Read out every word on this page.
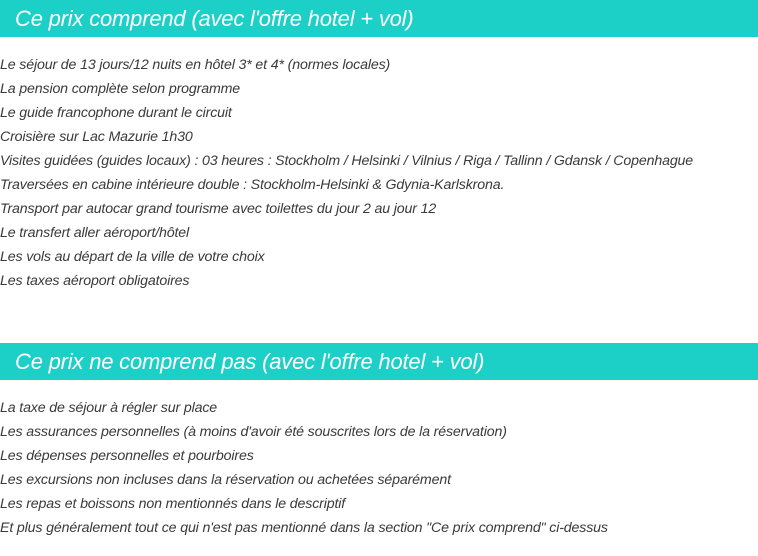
Ce prix comprend (avec l'offre hotel + vol)
Le séjour de 13 jours/12 nuits en hôtel 3* et 4* (normes locales)
La pension complète selon programme
Le guide francophone durant le circuit
Croisière sur Lac Mazurie 1h30
Visites guidées (guides locaux) : 03 heures : Stockholm / Helsinki / Vilnius / Riga / Tallinn / Gdansk / Copenhague
Traversées en cabine intérieure double : Stockholm-Helsinki & Gdynia-Karlskrona.
Transport par autocar grand tourisme avec toilettes du jour 2 au jour 12
Le transfert aller aéroport/hôtel
Les vols au départ de la ville de votre choix
Les taxes aéroport obligatoires
Ce prix ne comprend pas (avec l'offre hotel + vol)
La taxe de séjour à régler sur place
Les assurances personnelles (à moins d'avoir été souscrites lors de la réservation)
Les dépenses personnelles et pourboires
Les excursions non incluses dans la réservation ou achetées séparément
Les repas et boissons non mentionnés dans le descriptif
Et plus généralement tout ce qui n'est pas mentionné dans la section "Ce prix comprend" ci-dessus
